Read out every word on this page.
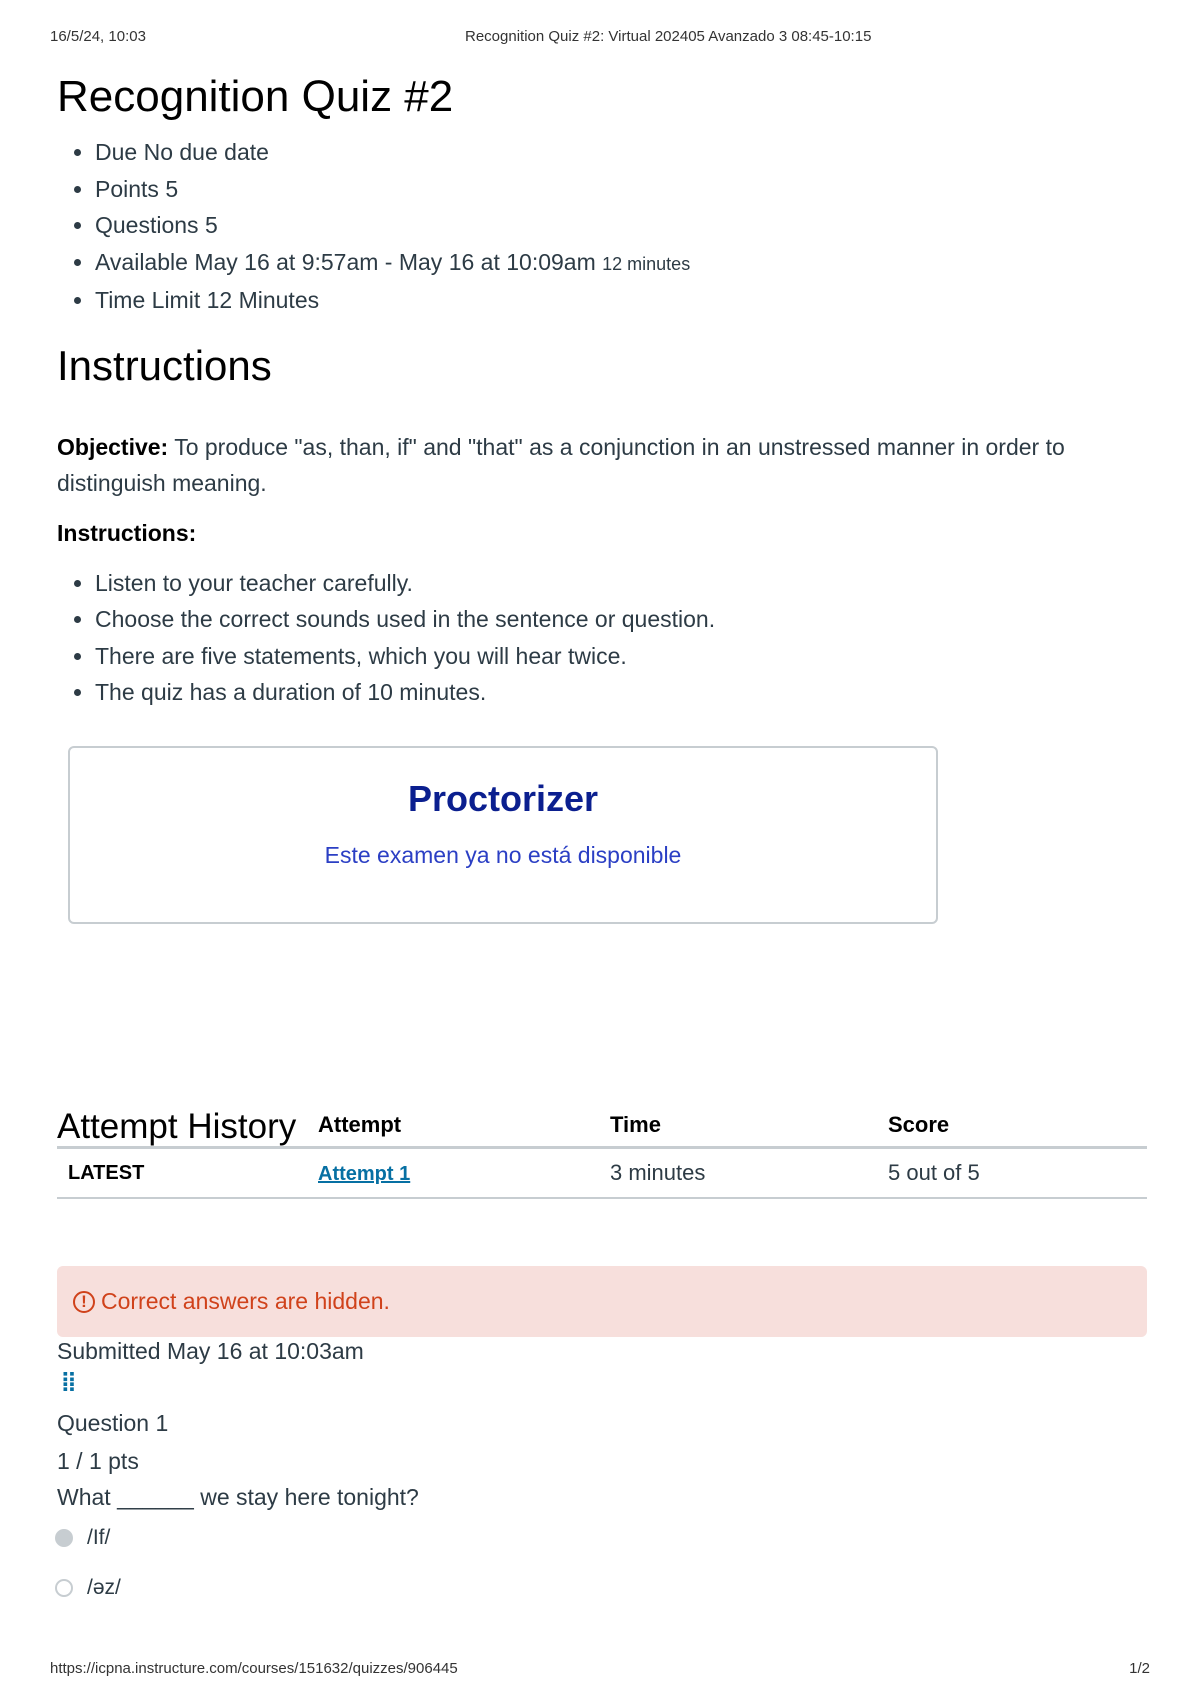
16/5/24, 10:03	Recognition Quiz #2: Virtual 202405 Avanzado 3 08:45-10:15
Recognition Quiz #2
• Due No due date
• Points 5
• Questions 5
• Available May 16 at 9:57am - May 16 at 10:09am 12 minutes
• Time Limit 12 Minutes
Instructions

Objective: To produce "as, than, if" and "that" as a conjunction in an unstressed manner in order to distinguish meaning.

Instructions:

• Listen to your teacher carefully.
• Choose the correct sounds used in the sentence or question.
• There are five statements, which you will hear twice.
• The quiz has a duration of 10 minutes.
Proctorizer
Este examen ya no está disponible
Attempt History
	Attempt	Time	Score
LATEST	Attempt 1	3 minutes	5 out of 5
! Correct answers are hidden.
Submitted May 16 at 10:03am
⁞⁞
Question 1
1 / 1 pts
What ______ we stay here tonight?
/If/
/əz/
https://icpna.instructure.com/courses/151632/quizzes/906445	1/2
